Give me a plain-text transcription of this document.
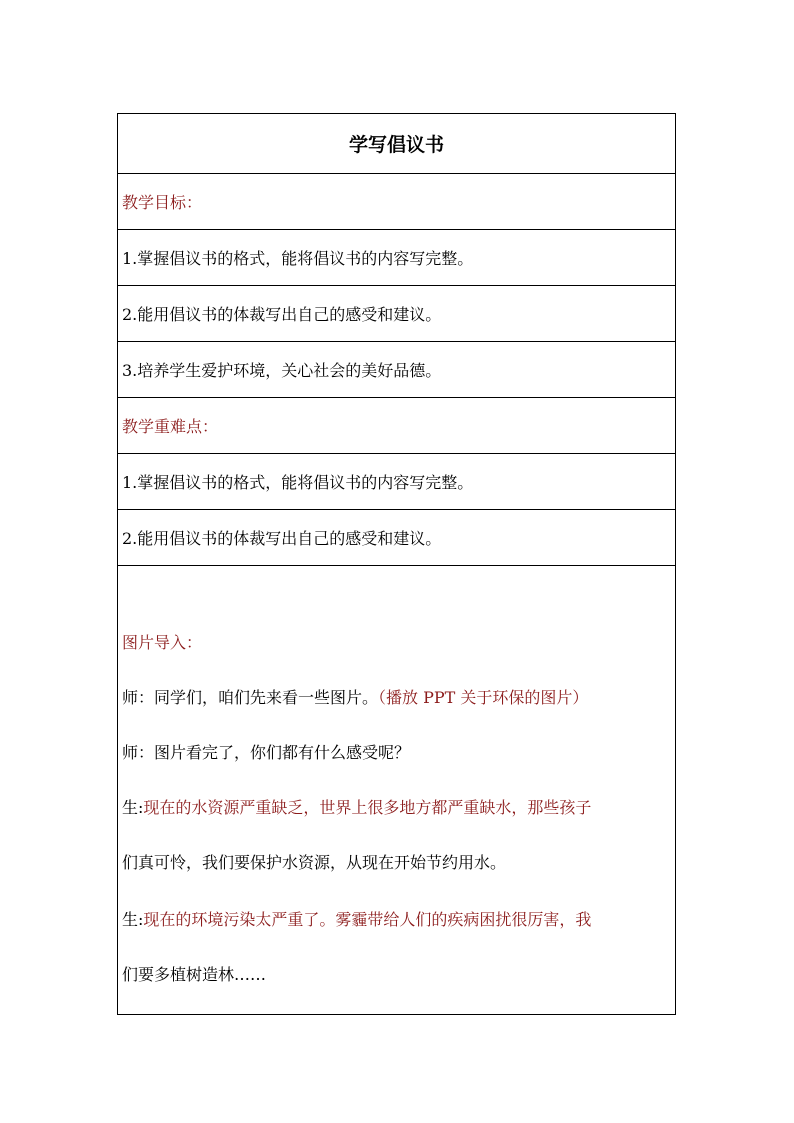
学写倡议书
教学目标：
1.掌握倡议书的格式，能将倡议书的内容写完整。
2.能用倡议书的体裁写出自己的感受和建议。
3.培养学生爱护环境，关心社会的美好品德。
教学重难点：
1.掌握倡议书的格式，能将倡议书的内容写完整。
2.能用倡议书的体裁写出自己的感受和建议。

图片导入：

师：同学们，咱们先来看一些图片。（播放 PPT 关于环保的图片）

师：图片看完了，你们都有什么感受呢？

生:现在的水资源严重缺乏，世界上很多地方都严重缺水，那些孩子

们真可怜，我们要保护水资源，从现在开始节约用水。

生:现在的环境污染太严重了。雾霾带给人们的疾病困扰很厉害，我

们要多植树造林……
